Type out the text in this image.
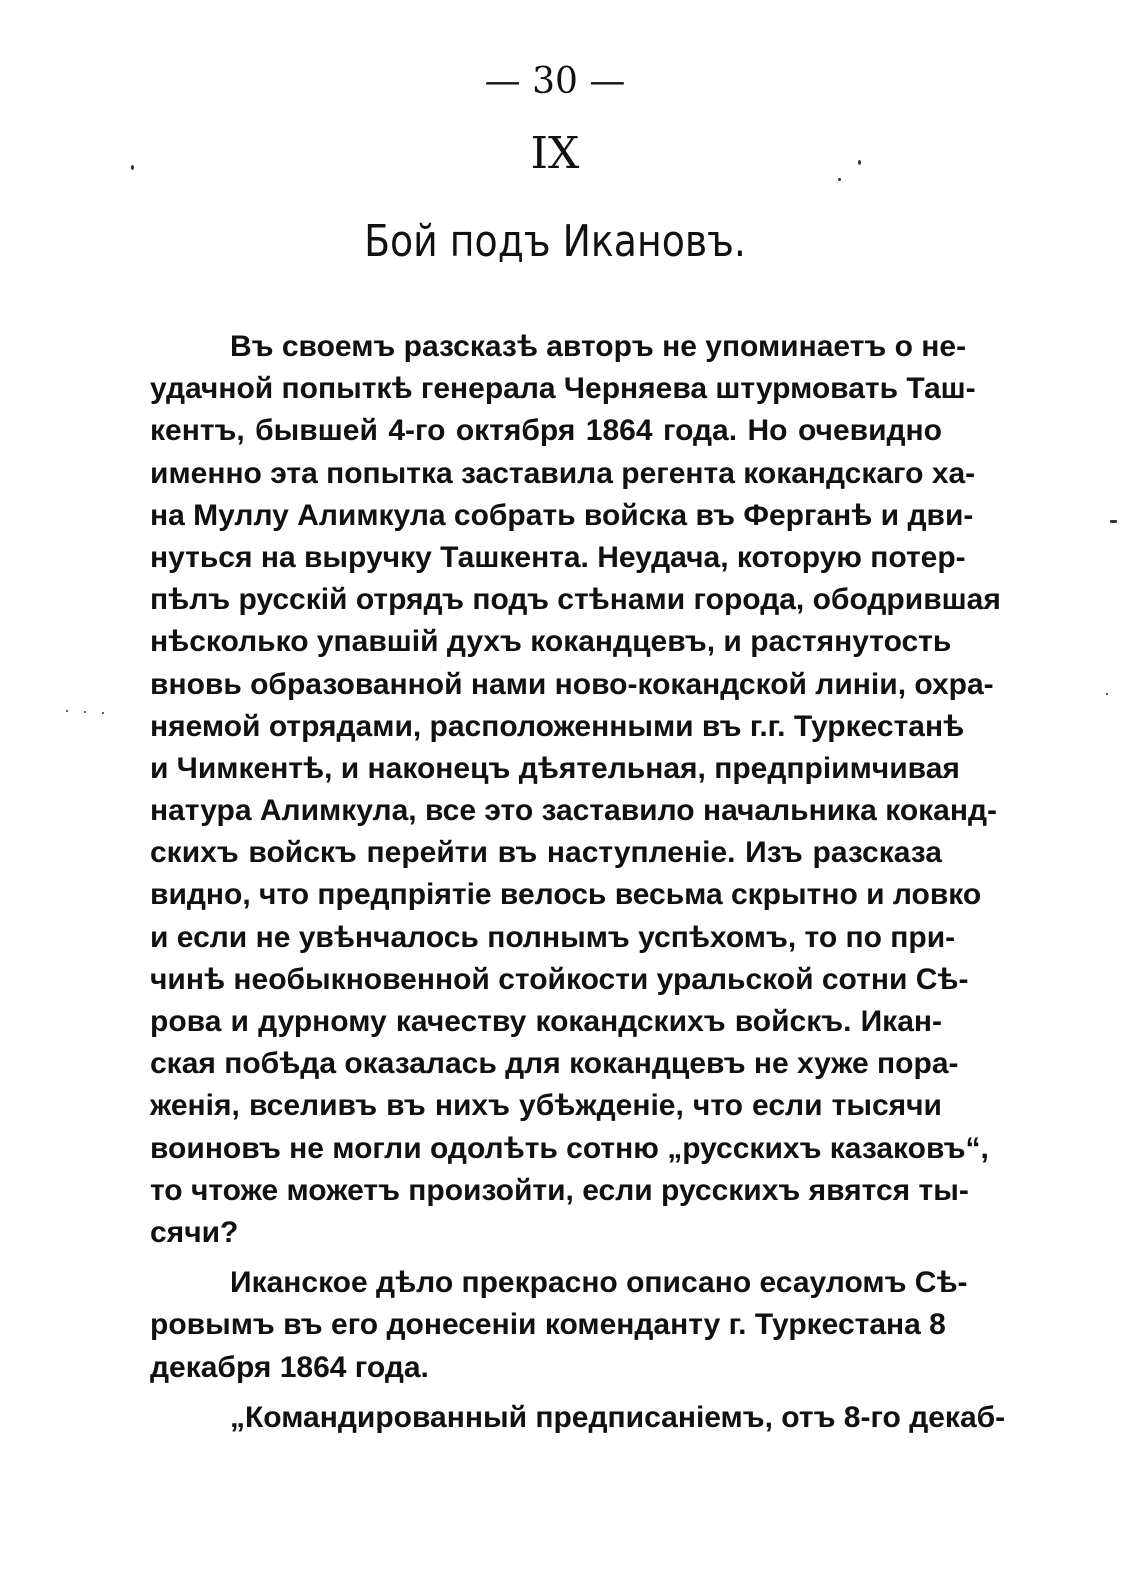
— 30 —
IX
Бой подъ Икановъ.
Въ своемъ разсказѣ авторъ не упоминаетъ о не-
удачной попыткѣ генерала Черняева штурмовать Таш-
кентъ, бывшей 4-го октября 1864 года. Но очевидно
именно эта попытка заставила регента кокандскаго ха-
на Муллу Алимкула собрать войска въ Ферганѣ и дви-
нуться на выручку Ташкента. Неудача, которую потер-
пѣлъ русскій отрядъ подъ стѣнами города, ободрившая
нѣсколько упавшій духъ кокандцевъ, и растянутость
вновь образованной нами ново-кокандской линіи, охра-
няемой отрядами, расположенными въ г.г. Туркестанѣ
и Чимкентѣ, и наконецъ дѣятельная, предпріимчивая
натура Алимкула, все это заставило начальника коканд-
скихъ войскъ перейти въ наступленіе. Изъ разсказа
видно, что предпріятіе велось весьма скрытно и ловко
и если не увѣнчалось полнымъ успѣхомъ, то по при-
чинѣ необыкновенной стойкости уральской сотни Сѣ-
рова и дурному качеству кокандскихъ войскъ. Икан-
ская побѣда оказалась для кокандцевъ не хуже пора-
женія, вселивъ въ нихъ убѣжденіе, что если тысячи
воиновъ не могли одолѣть сотню „русскихъ казаковъ“,
то чтоже можетъ произойти, если русскихъ явятся ты-
сячи?
Иканское дѣло прекрасно описано есауломъ Сѣ-
ровымъ въ его донесеніи коменданту г. Туркестана 8
декабря 1864 года.
„Командированный предписаніемъ, отъ 8-го декаб-
